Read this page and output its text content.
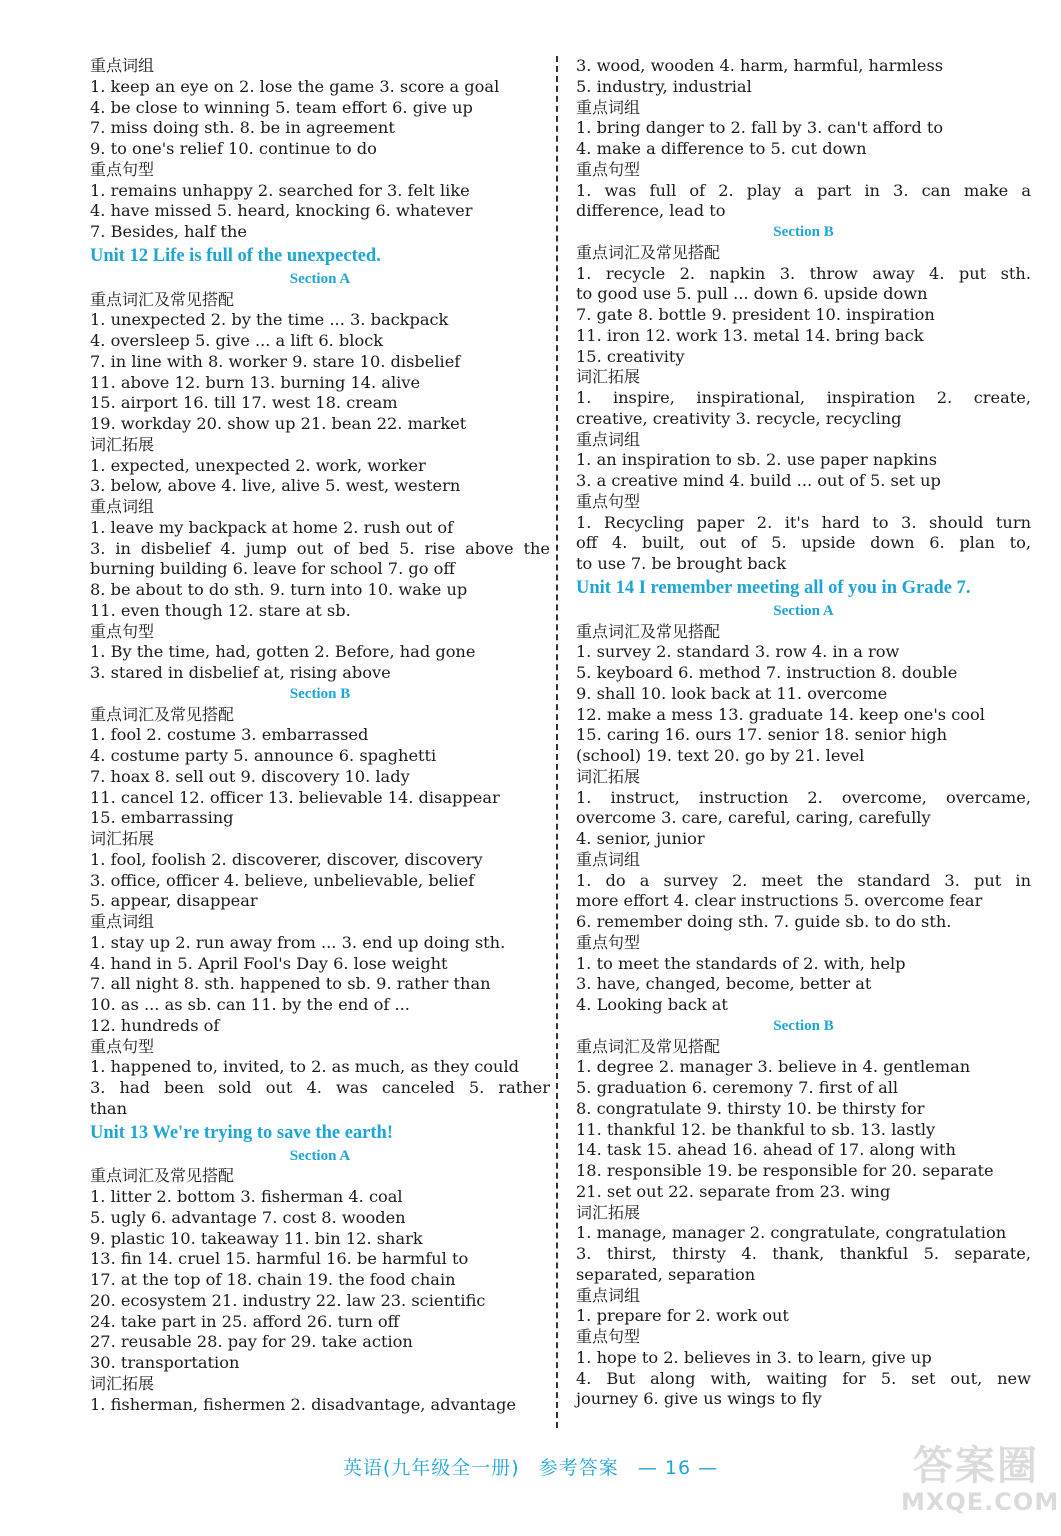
重点词组
1. keep an eye on 2. lose the game 3. score a goal
4. be close to winning 5. team effort 6. give up
7. miss doing sth. 8. be in agreement
9. to one's relief 10. continue to do
重点句型
1. remains unhappy 2. searched for 3. felt like
4. have missed 5. heard, knocking 6. whatever
7. Besides, half the
Unit 12 Life is full of the unexpected.
Section A
重点词汇及常见搭配
1. unexpected 2. by the time ... 3. backpack
4. oversleep 5. give ... a lift 6. block
7. in line with 8. worker 9. stare 10. disbelief
11. above 12. burn 13. burning 14. alive
15. airport 16. till 17. west 18. cream
19. workday 20. show up 21. bean 22. market
词汇拓展
1. expected, unexpected 2. work, worker
3. below, above 4. live, alive 5. west, western
重点词组
1. leave my backpack at home 2. rush out of
3. in disbelief 4. jump out of bed 5. rise above the
burning building 6. leave for school 7. go off
8. be about to do sth. 9. turn into 10. wake up
11. even though 12. stare at sb.
重点句型
1. By the time, had, gotten 2. Before, had gone
3. stared in disbelief at, rising above
Section B
重点词汇及常见搭配
1. fool 2. costume 3. embarrassed
4. costume party 5. announce 6. spaghetti
7. hoax 8. sell out 9. discovery 10. lady
11. cancel 12. officer 13. believable 14. disappear
15. embarrassing
词汇拓展
1. fool, foolish 2. discoverer, discover, discovery
3. office, officer 4. believe, unbelievable, belief
5. appear, disappear
重点词组
1. stay up 2. run away from ... 3. end up doing sth.
4. hand in 5. April Fool's Day 6. lose weight
7. all night 8. sth. happened to sb. 9. rather than
10. as ... as sb. can 11. by the end of ...
12. hundreds of
重点句型
1. happened to, invited, to 2. as much, as they could
3. had been sold out 4. was canceled 5. rather
than
Unit 13 We're trying to save the earth!
Section A
重点词汇及常见搭配
1. litter 2. bottom 3. fisherman 4. coal
5. ugly 6. advantage 7. cost 8. wooden
9. plastic 10. takeaway 11. bin 12. shark
13. fin 14. cruel 15. harmful 16. be harmful to
17. at the top of 18. chain 19. the food chain
20. ecosystem 21. industry 22. law 23. scientific
24. take part in 25. afford 26. turn off
27. reusable 28. pay for 29. take action
30. transportation
词汇拓展
1. fisherman, fishermen 2. disadvantage, advantage
3. wood, wooden 4. harm, harmful, harmless
5. industry, industrial
重点词组
1. bring danger to 2. fall by 3. can't afford to
4. make a difference to 5. cut down
重点句型
1. was full of 2. play a part in 3. can make a
difference, lead to
Section B
重点词汇及常见搭配
1. recycle 2. napkin 3. throw away 4. put sth.
to good use 5. pull ... down 6. upside down
7. gate 8. bottle 9. president 10. inspiration
11. iron 12. work 13. metal 14. bring back
15. creativity
词汇拓展
1. inspire, inspirational, inspiration 2. create,
creative, creativity 3. recycle, recycling
重点词组
1. an inspiration to sb. 2. use paper napkins
3. a creative mind 4. build ... out of 5. set up
重点句型
1. Recycling paper 2. it's hard to 3. should turn
off 4. built, out of 5. upside down 6. plan to,
to use 7. be brought back
Unit 14 I remember meeting all of you in Grade 7.
Section A
重点词汇及常见搭配
1. survey 2. standard 3. row 4. in a row
5. keyboard 6. method 7. instruction 8. double
9. shall 10. look back at 11. overcome
12. make a mess 13. graduate 14. keep one's cool
15. caring 16. ours 17. senior 18. senior high
(school) 19. text 20. go by 21. level
词汇拓展
1. instruct, instruction 2. overcome, overcame,
overcome 3. care, careful, caring, carefully
4. senior, junior
重点词组
1. do a survey 2. meet the standard 3. put in
more effort 4. clear instructions 5. overcome fear
6. remember doing sth. 7. guide sb. to do sth.
重点句型
1. to meet the standards of 2. with, help
3. have, changed, become, better at
4. Looking back at
Section B
重点词汇及常见搭配
1. degree 2. manager 3. believe in 4. gentleman
5. graduation 6. ceremony 7. first of all
8. congratulate 9. thirsty 10. be thirsty for
11. thankful 12. be thankful to sb. 13. lastly
14. task 15. ahead 16. ahead of 17. along with
18. responsible 19. be responsible for 20. separate
21. set out 22. separate from 23. wing
词汇拓展
1. manage, manager 2. congratulate, congratulation
3. thirst, thirsty 4. thank, thankful 5. separate,
separated, separation
重点词组
1. prepare for 2. work out
重点句型
1. hope to 2. believes in 3. to learn, give up
4. But along with, waiting for 5. set out, new
journey 6. give us wings to fly
英语(九年级全一册) 参考答案 — 16 —	答案圈
MXQE.COM
